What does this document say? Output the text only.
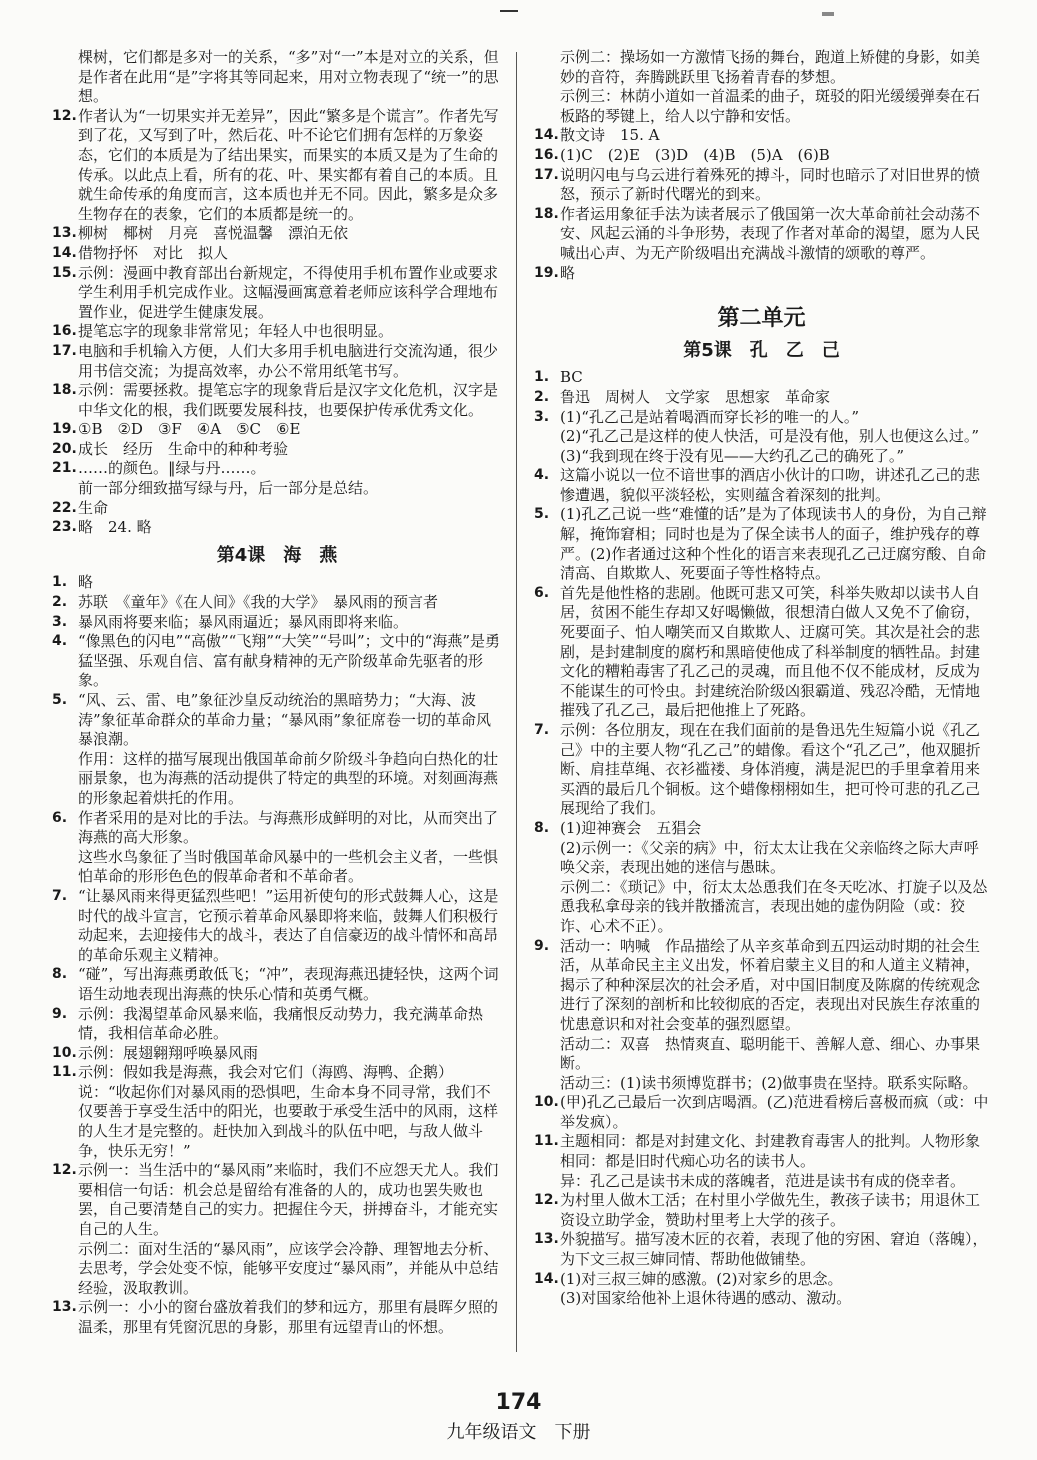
棵树，它们都是多对一的关系，“多”对“一”本是对立的关系，但是作者在此用“是”字将其等同起来，用对立物表现了“统一”的思想。
12. 作者认为“一切果实并无差异”，因此“繁多是个谎言”。作者先写到了花，又写到了叶，然后花、叶不论它们拥有怎样的万象姿态，它们的本质是为了结出果实，而果实的本质又是为了生命的传承。以此点上看，所有的花、叶、果实都有着自己的本质。且就生命传承的角度而言，这本质也并无不同。因此，繁多是众多生物存在的表象，它们的本质都是统一的。
13. 柳树　椰树　月亮　喜悦温馨　漂泊无依
14. 借物抒怀　对比　拟人
15. 示例：漫画中教育部出台新规定，不得使用手机布置作业或要求学生利用手机完成作业。这幅漫画寓意着老师应该科学合理地布置作业，促进学生健康发展。
16. 提笔忘字的现象非常常见；年轻人中也很明显。
17. 电脑和手机输入方便，人们大多用手机电脑进行交流沟通，很少用书信交流；为提高效率，办公不常用纸笔书写。
18. 示例：需要拯救。提笔忘字的现象背后是汉字文化危机，汉字是中华文化的根，我们既要发展科技，也要保护传承优秀文化。
19. ①B　②D　③F　④A　⑤C　⑥E
20. 成长　经历　生命中的种种考验
21. ……的颜色。‖绿与丹……。
前一部分细致描写绿与丹，后一部分是总结。
22. 生命
23. 略　24. 略
第4课　海　燕
1. 略
2. 苏联　《童年》《在人间》《我的大学》　暴风雨的预言者
3. 暴风雨将要来临；暴风雨逼近；暴风雨即将来临。
4. “像黑色的闪电”“高傲”“飞翔”“大笑”“号叫”；文中的“海燕”是勇猛坚强、乐观自信、富有献身精神的无产阶级革命先驱者的形象。
5. “风、云、雷、电”象征沙皇反动统治的黑暗势力；“大海、波涛”象征革命群众的革命力量；“暴风雨”象征席卷一切的革命风暴浪潮。
作用：这样的描写展现出俄国革命前夕阶级斗争趋向白热化的壮丽景象，也为海燕的活动提供了特定的典型的环境。对刻画海燕的形象起着烘托的作用。
6. 作者采用的是对比的手法。与海燕形成鲜明的对比，从而突出了海燕的高大形象。
这些水鸟象征了当时俄国革命风暴中的一些机会主义者，一些惧怕革命的形形色色的假革命者和不革命者。
7. “让暴风雨来得更猛烈些吧！”运用祈使句的形式鼓舞人心，这是时代的战斗宣言，它预示着革命风暴即将来临，鼓舞人们积极行动起来，去迎接伟大的战斗，表达了自信豪迈的战斗情怀和高昂的革命乐观主义精神。
8. “碰”，写出海燕勇敢低飞；“冲”，表现海燕迅捷轻快，这两个词语生动地表现出海燕的快乐心情和英勇气概。
9. 示例：我渴望革命风暴来临，我痛恨反动势力，我充满革命热情，我相信革命必胜。
10. 示例：展翅翱翔呼唤暴风雨
11. 示例：假如我是海燕，我会对它们（海鸥、海鸭、企鹅）说：“收起你们对暴风雨的恐惧吧，生命本身不同寻常，我们不仅要善于享受生活中的阳光，也要敢于承受生活中的风雨，这样的人生才是完整的。赶快加入到战斗的队伍中吧，与敌人做斗争，快乐无穷！”
12. 示例一：当生活中的“暴风雨”来临时，我们不应怨天尤人。我们要相信一句话：机会总是留给有准备的人的，成功也罢失败也罢，自己要清楚自己的实力。把握住今天，拼搏奋斗，才能充实自己的人生。
示例二：面对生活的“暴风雨”，应该学会冷静、理智地去分析、去思考，学会处变不惊，能够平安度过“暴风雨”，并能从中总结经验，汲取教训。
13. 示例一：小小的窗台盛放着我们的梦和远方，那里有晨晖夕照的温柔，那里有凭窗沉思的身影，那里有远望青山的怀想。
示例二：操场如一方激情飞扬的舞台，跑道上矫健的身影，如美妙的音符，奔腾跳跃里飞扬着青春的梦想。
示例三：林荫小道如一首温柔的曲子，斑驳的阳光缓缓弹奏在石板路的琴键上，给人以宁静和安恬。
14. 散文诗　15. A
16. (1)C　(2)E　(3)D　(4)B　(5)A　(6)B
17. 说明闪电与乌云进行着殊死的搏斗，同时也暗示了对旧世界的愤怒，预示了新时代曙光的到来。
18. 作者运用象征手法为读者展示了俄国第一次大革命前社会动荡不安、风起云涌的斗争形势，表现了作者对革命的渴望，愿为人民喊出心声、为无产阶级唱出充满战斗激情的颂歌的尊严。
19. 略
第二单元
第5课　孔　乙　己
1. BC
2. 鲁迅　周树人　文学家　思想家　革命家
3. (1)“孔乙己是站着喝酒而穿长衫的唯一的人。”
(2)“孔乙己是这样的使人快活，可是没有他，别人也便这么过。”
(3)“我到现在终于没有见——大约孔乙己的确死了。”
4. 这篇小说以一位不谙世事的酒店小伙计的口吻，讲述孔乙己的悲惨遭遇，貌似平淡轻松，实则蕴含着深刻的批判。
5. (1)孔乙己说一些“难懂的话”是为了体现读书人的身份，为自己辩解，掩饰窘相；同时也是为了保全读书人的面子，维护残存的尊严。(2)作者通过这种个性化的语言来表现孔乙己迂腐穷酸、自命清高、自欺欺人、死要面子等性格特点。
6. 首先是他性格的悲剧。他既可悲又可笑，科举失败却以读书人自居，贫困不能生存却又好喝懒做，很想清白做人又免不了偷窃，死要面子、怕人嘲笑而又自欺欺人、迂腐可笑。其次是社会的悲剧，是封建制度的腐朽和黑暗使他成了科举制度的牺牲品。封建文化的糟粕毒害了孔乙己的灵魂，而且他不仅不能成材，反成为不能谋生的可怜虫。封建统治阶级凶狠霸道、残忍冷酷，无情地摧残了孔乙己，最后把他推上了死路。
7. 示例：各位朋友，现在在我们面前的是鲁迅先生短篇小说《孔乙己》中的主要人物“孔乙己”的蜡像。看这个“孔乙己”，他双腿折断、肩挂草绳、衣衫褴褛、身体消瘦，满是泥巴的手里拿着用来买酒的最后几个铜板。这个蜡像栩栩如生，把可怜可悲的孔乙己展现给了我们。
8. (1)迎神赛会　五猖会
(2)示例一：《父亲的病》中，衍太太让我在父亲临终之际大声呼唤父亲，表现出她的迷信与愚昧。
示例二：《琐记》中，衍太太怂恿我们在冬天吃冰、打旋子以及怂恿我私拿母亲的钱并散播流言，表现出她的虚伪阴险（或：狡诈、心术不正）。
9. 活动一：呐喊　作品描绘了从辛亥革命到五四运动时期的社会生活，从革命民主主义出发，怀着启蒙主义目的和人道主义精神，揭示了种种深层次的社会矛盾，对中国旧制度及陈腐的传统观念进行了深刻的剖析和比较彻底的否定，表现出对民族生存浓重的忧患意识和对社会变革的强烈愿望。
活动二：双喜　热情爽直、聪明能干、善解人意、细心、办事果断。
活动三：(1)读书须博览群书；(2)做事贵在坚持。联系实际略。
10. (甲)孔乙己最后一次到店喝酒。(乙)范进看榜后喜极而疯（或：中举发疯）。
11. 主题相同：都是对封建文化、封建教育毒害人的批判。人物形象相同：都是旧时代痴心功名的读书人。
异：孔乙己是读书未成的落魄者，范进是读书有成的侥幸者。
12. 为村里人做木工活；在村里小学做先生，教孩子读书；用退休工资设立助学金，赞助村里考上大学的孩子。
13. 外貌描写。描写凌木匠的衣着，表现了他的穷困、窘迫（落魄），为下文三叔三婶同情、帮助他做铺垫。
14. (1)对三叔三婶的感激。(2)对家乡的思念。
(3)对国家给他补上退休待遇的感动、激动。
174
九年级语文　下册
